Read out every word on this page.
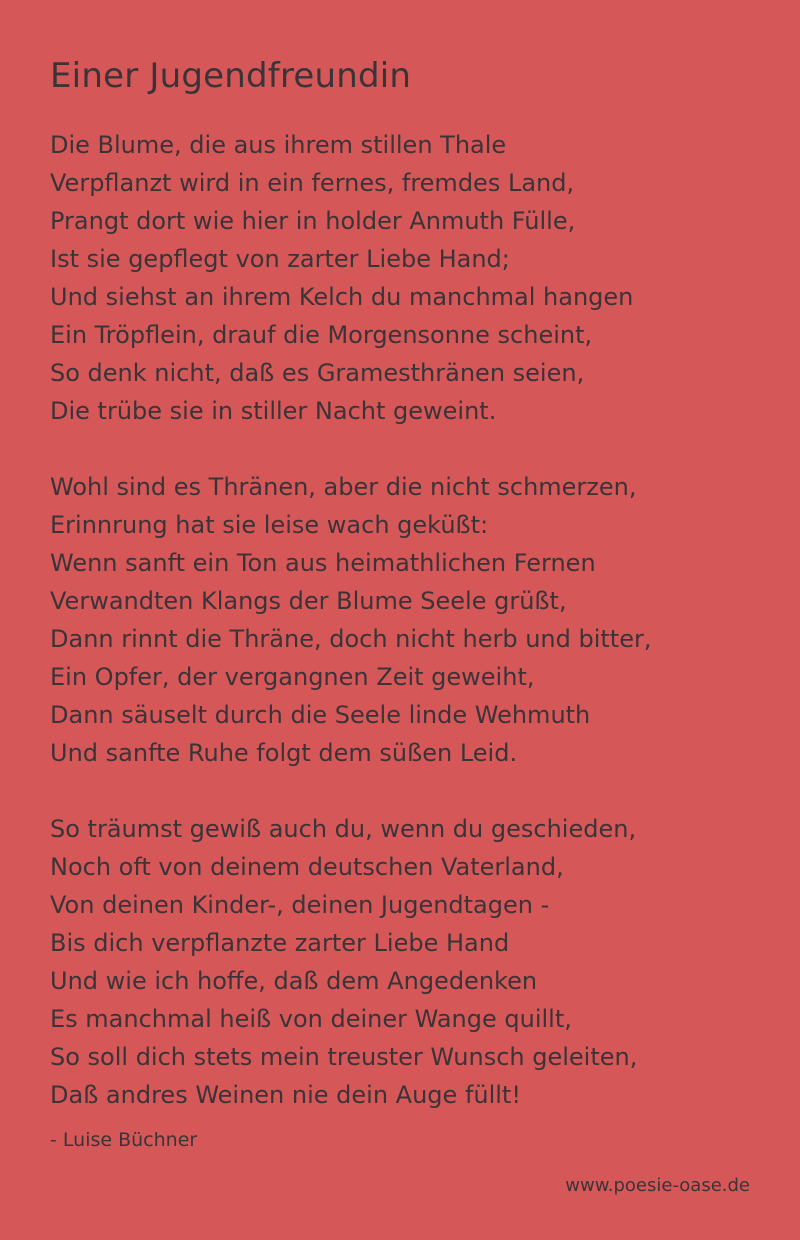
Einer Jugendfreundin
Die Blume, die aus ihrem stillen Thale
Verpflanzt wird in ein fernes, fremdes Land,
Prangt dort wie hier in holder Anmuth Fülle,
Ist sie gepflegt von zarter Liebe Hand;
Und siehst an ihrem Kelch du manchmal hangen
Ein Tröpflein, drauf die Morgensonne scheint,
So denk nicht, daß es Gramesthränen seien,
Die trübe sie in stiller Nacht geweint.
Wohl sind es Thränen, aber die nicht schmerzen,
Erinnrung hat sie leise wach geküßt:
Wenn sanft ein Ton aus heimathlichen Fernen
Verwandten Klangs der Blume Seele grüßt,
Dann rinnt die Thräne, doch nicht herb und bitter,
Ein Opfer, der vergangnen Zeit geweiht,
Dann säuselt durch die Seele linde Wehmuth
Und sanfte Ruhe folgt dem süßen Leid.
So träumst gewiß auch du, wenn du geschieden,
Noch oft von deinem deutschen Vaterland,
Von deinen Kinder-, deinen Jugendtagen -
Bis dich verpflanzte zarter Liebe Hand
Und wie ich hoffe, daß dem Angedenken
Es manchmal heiß von deiner Wange quillt,
So soll dich stets mein treuster Wunsch geleiten,
Daß andres Weinen nie dein Auge füllt!
- Luise Büchner
www.poesie-oase.de
